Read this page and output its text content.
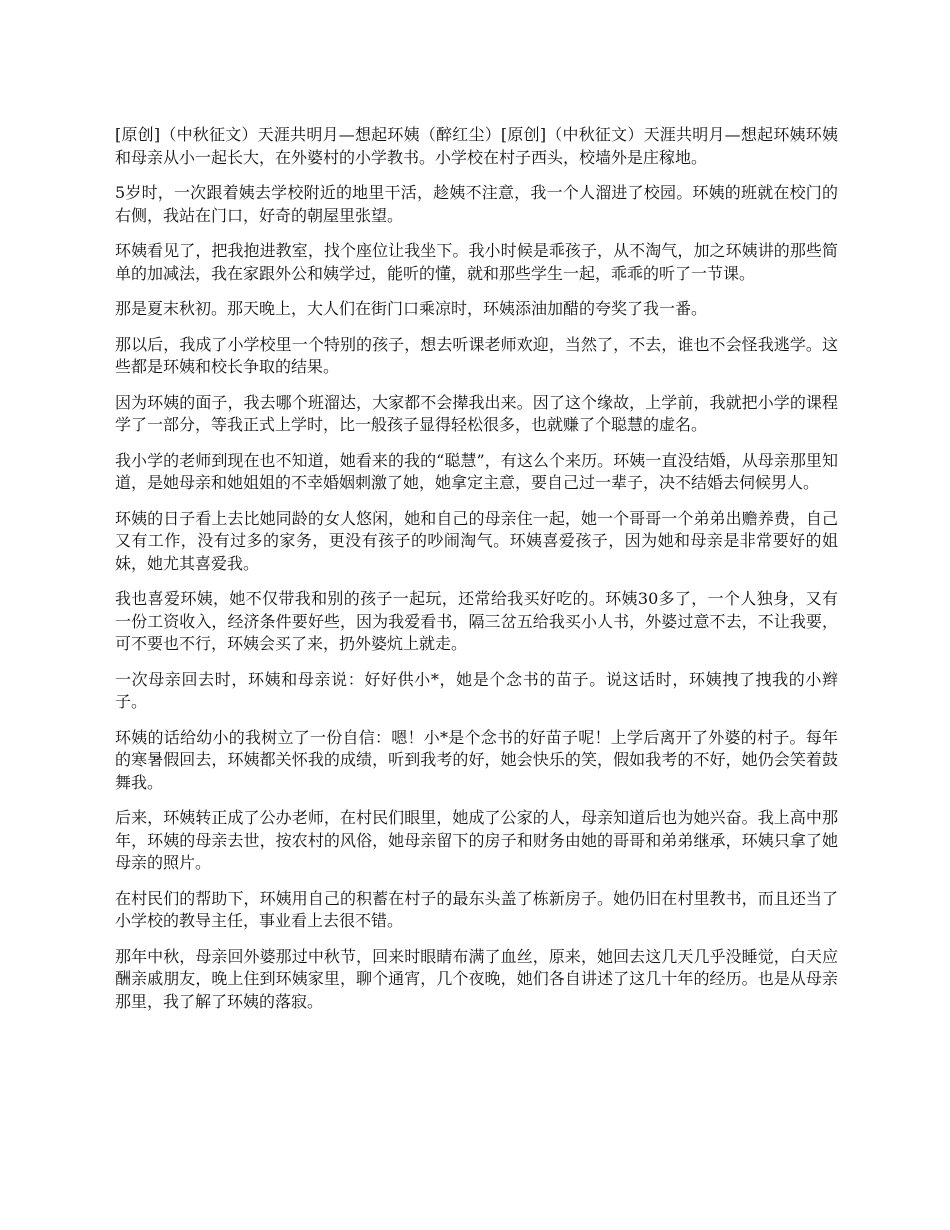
[原创]（中秋征文）天涯共明月—想起环姨（醉红尘）[原创]（中秋征文）天涯共明月—想起环姨环姨和母亲从小一起长大，在外婆村的小学教书。小学校在村子西头，校墙外是庄稼地。

5岁时，一次跟着姨去学校附近的地里干活，趁姨不注意，我一个人溜进了校园。环姨的班就在校门的右侧，我站在门口，好奇的朝屋里张望。

环姨看见了，把我抱进教室，找个座位让我坐下。我小时候是乖孩子，从不淘气，加之环姨讲的那些简单的加减法，我在家跟外公和姨学过，能听的懂，就和那些学生一起，乖乖的听了一节课。

那是夏末秋初。那天晚上，大人们在街门口乘凉时，环姨添油加醋的夸奖了我一番。

那以后，我成了小学校里一个特别的孩子，想去听课老师欢迎，当然了，不去，谁也不会怪我逃学。这些都是环姨和校长争取的结果。

因为环姨的面子，我去哪个班溜达，大家都不会撵我出来。因了这个缘故，上学前，我就把小学的课程学了一部分，等我正式上学时，比一般孩子显得轻松很多，也就赚了个聪慧的虚名。

我小学的老师到现在也不知道，她看来的我的“聪慧”，有这么个来历。环姨一直没结婚，从母亲那里知道，是她母亲和她姐姐的不幸婚姻刺激了她，她拿定主意，要自己过一辈子，决不结婚去伺候男人。

环姨的日子看上去比她同龄的女人悠闲，她和自己的母亲住一起，她一个哥哥一个弟弟出赡养费，自己又有工作，没有过多的家务，更没有孩子的吵闹淘气。环姨喜爱孩子，因为她和母亲是非常要好的姐妹，她尤其喜爱我。

我也喜爱环姨，她不仅带我和别的孩子一起玩，还常给我买好吃的。环姨30多了，一个人独身，又有一份工资收入，经济条件要好些，因为我爱看书，隔三岔五给我买小人书，外婆过意不去，不让我要，可不要也不行，环姨会买了来，扔外婆炕上就走。

一次母亲回去时，环姨和母亲说：好好供小*，她是个念书的苗子。说这话时，环姨拽了拽我的小辫子。

环姨的话给幼小的我树立了一份自信：嗯！小*是个念书的好苗子呢！上学后离开了外婆的村子。每年的寒暑假回去，环姨都关怀我的成绩，听到我考的好，她会快乐的笑，假如我考的不好，她仍会笑着鼓舞我。

后来，环姨转正成了公办老师，在村民们眼里，她成了公家的人，母亲知道后也为她兴奋。我上高中那年，环姨的母亲去世，按农村的风俗，她母亲留下的房子和财务由她的哥哥和弟弟继承，环姨只拿了她母亲的照片。

在村民们的帮助下，环姨用自己的积蓄在村子的最东头盖了栋新房子。她仍旧在村里教书，而且还当了小学校的教导主任，事业看上去很不错。

那年中秋，母亲回外婆那过中秋节，回来时眼睛布满了血丝，原来，她回去这几天几乎没睡觉，白天应酬亲戚朋友，晚上住到环姨家里，聊个通宵，几个夜晚，她们各自讲述了这几十年的经历。也是从母亲那里，我了解了环姨的落寂。
